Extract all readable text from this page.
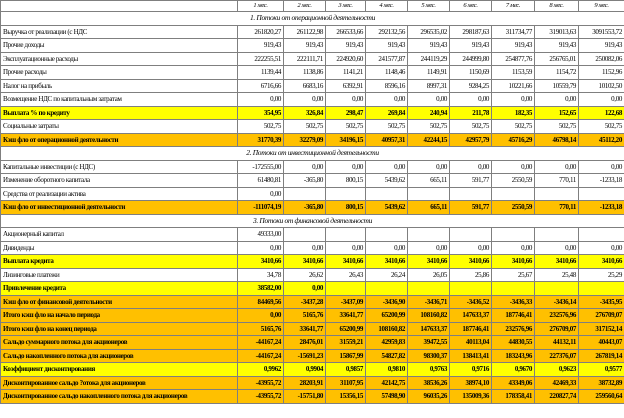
	1 мес.	2 мес.	3 мес.	4 мес.	5 мес.	6 мес.	7 мес.	8 мес.	9 мес.
1. Потоки от операционной деятельности									
Выручка от реализации (с НДС	261820,27	261122,98	266533,66	292132,56	296535,02	298187,63	311734,77	319013,63	3091553,72
Прочие доходы	919,43	919,43	919,43	919,43	919,43	919,43	919,43	919,43	919,43
Эксплуатационные расходы	222255,51	222111,71	224920,60	241577,87	244119,29	244999,80	254877,76	256765,01	250082,06
Прочие расходы	1139,44	1138,86	1141,21	1148,46	1149,91	1150,69	1153,59	1154,72	1152,96
Налог на прибыль	6716,66	6683,16	6392,91	8596,16	8997,31	9284,25	10221,66	10559,79	10102,50
Возмещение НДС по капитальным затратам	0,00	0,00	0,00	0,00	0,00	0,00	0,00	0,00	0,00
Выплата % по кредиту	354,95	326,84	298,47	269,84	240,94	211,78	182,35	152,65	122,68
Социальные затраты	502,75	502,75	502,75	502,75	502,75	502,75	502,75	502,75	502,75
Кэш фло от операционной деятельности	31770,39	32279,09	34196,15	40957,31	42244,15	42957,79	45716,29	46798,14	45112,20
2. Потоки от инвестиционной деятельности									
Капитальные инвестиции (с НДС)	-172555,00	0,00	0,00	0,00	0,00	0,00	0,00	0,00	0,00
Изменение оборотного капитала	61480,81	-365,80	800,15	5439,62	665,11	591,77	2550,59	770,11	-1233,18
Средства от реализации актива	0,00								
Кэш фло от инвестиционной деятельности	-111074,19	-365,80	800,15	5439,62	665,11	591,77	2550,59	770,11	-1233,18
3. Потоки от финансовой деятельности									
Акционерный капитал	49333,00								
Дивиденды	0,00	0,00	0,00	0,00	0,00	0,00	0,00	0,00	0,00
Выплата кредита	3410,66	3410,66	3410,66	3410,66	3410,66	3410,66	3410,66	3410,66	3410,66
Лизинговые платежи	34,78	26,62	26,43	26,24	26,05	25,86	25,67	25,48	25,29
Привлечение кредита	38582,00	0,00							
Кэш фло от финансовой деятельности	84469,56	-3437,28	-3437,09	-3436,90	-3436,71	-3436,52	-3436,33	-3436,14	-3435,95
Итого кэш фло на начало периода	0,00	5165,76	33641,77	65200,99	108160,82	147633,37	187746,41	232576,96	276709,07
Итого кэш фло на конец периода	5165,76	33641,77	65200,99	108160,82	147633,37	187746,41	232576,96	276709,07	317152,14
Сальдо суммарного потока для акционеров	-44167,24	28476,01	31559,21	42959,83	39472,55	40113,04	44830,55	44132,11	40443,07
Сальдо накопленного потока для акционеров	-44167,24	-15691,23	15867,99	54827,82	98300,37	138413,41	183243,96	227376,07	267819,14
Коэффициент дисконтирования	0,9962	0,9904	0,9857	0,9810	0,9763	0,9716	0,9670	0,9623	0,9577
Дисконтированное сальдо ?отока для акционеров	-43955,72	28203,91	31107,95	42142,75	38536,26	38974,10	43349,06	42469,33	38732,89
Дисконтированное сальдо накопленного потока для акционеров	-43955,72	-15751,80	15356,15	57498,90	96035,26	135009,36	178358,41	220827,74	259560,64
